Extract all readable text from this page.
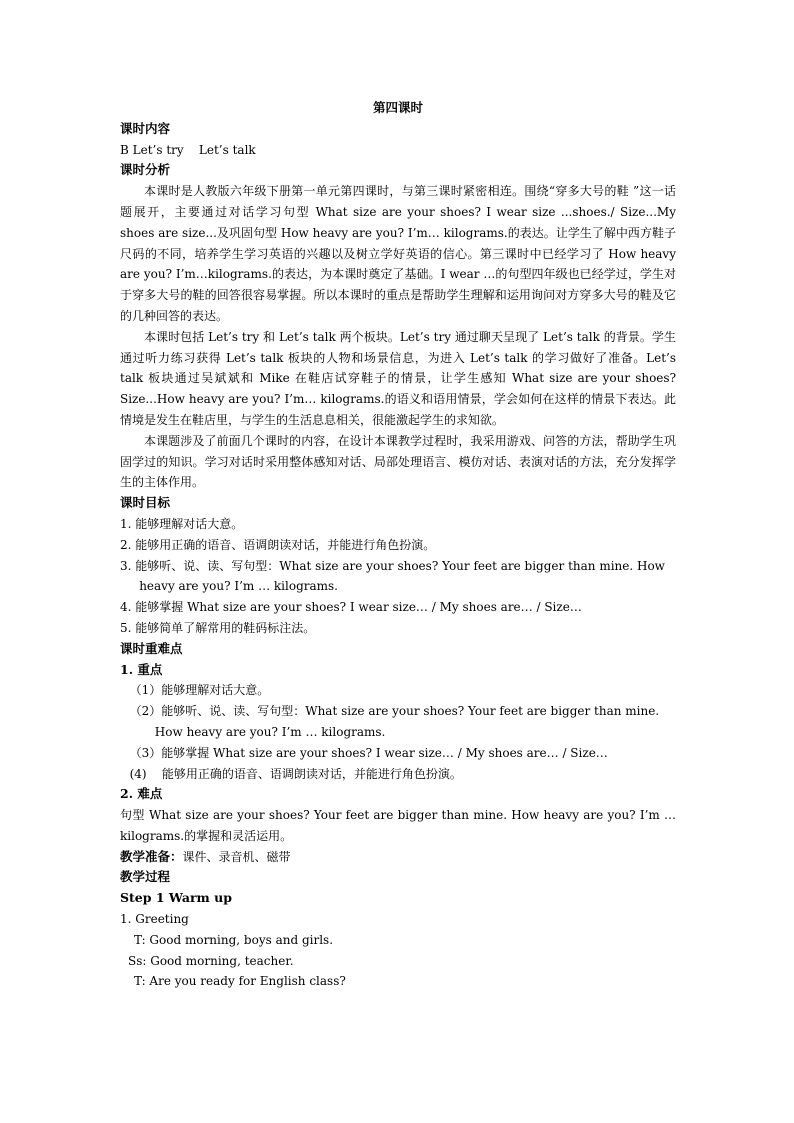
第四课时
课时内容
B Let’s try    Let’s talk
课时分析
本课时是人教版六年级下册第一单元第四课时，与第三课时紧密相连。围绕“穿多大号的鞋 ”这一话题展开，主要通过对话学习句型 What size are your shoes? I wear size ...shoes./ Size...My shoes are size...及巩固句型 How heavy are you? I’m… kilograms.的表达。让学生了解中西方鞋子尺码的不同，培养学生学习英语的兴趣以及树立学好英语的信心。第三课时中已经学习了 How heavy are you? I’m…kilograms.的表达，为本课时奠定了基础。I wear …的句型四年级也已经学过，学生对于穿多大号的鞋的回答很容易掌握。所以本课时的重点是帮助学生理解和运用询问对方穿多大号的鞋及它的几种回答的表达。
本课时包括 Let’s try 和 Let’s talk 两个板块。Let’s try 通过聊天呈现了 Let’s talk 的背景。学生通过听力练习获得 Let’s talk 板块的人物和场景信息，为进入 Let’s talk 的学习做好了准备。Let’s talk 板块通过吴斌斌和 Mike 在鞋店试穿鞋子的情景，让学生感知 What size are your shoes? Size...How heavy are you? I’m… kilograms.的语义和语用情景，学会如何在这样的情景下表达。此情境是发生在鞋店里，与学生的生活息息相关，很能激起学生的求知欲。
本课题涉及了前面几个课时的内容，在设计本课教学过程时，我采用游戏、问答的方法，帮助学生巩固学过的知识。学习对话时采用整体感知对话、局部处理语言、模仿对话、表演对话的方法，充分发挥学生的主体作用。
课时目标
1. 能够理解对话大意。
2. 能够用正确的语音、语调朗读对话，并能进行角色扮演。
3. 能够听、说、读、写句型：What size are your shoes? Your feet are bigger than mine. How heavy are you? I’m … kilograms.
4. 能够掌握 What size are your shoes? I wear size… / My shoes are… / Size…
5. 能够简单了解常用的鞋码标注法。
课时重难点
1. 重点
（1）能够理解对话大意。
（2）能够听、说、读、写句型：What size are your shoes? Your feet are bigger than mine. How heavy are you? I’m … kilograms.
（3）能够掌握 What size are your shoes? I wear size… / My shoes are… / Size…
(4)    能够用正确的语音、语调朗读对话，并能进行角色扮演。
2. 难点
句型 What size are your shoes? Your feet are bigger than mine. How heavy are you? I’m … kilograms.的掌握和灵活运用。
教学准备：课件、录音机、磁带
教学过程
Step 1 Warm up
1. Greeting
T: Good morning, boys and girls.
Ss: Good morning, teacher.
T: Are you ready for English class?
